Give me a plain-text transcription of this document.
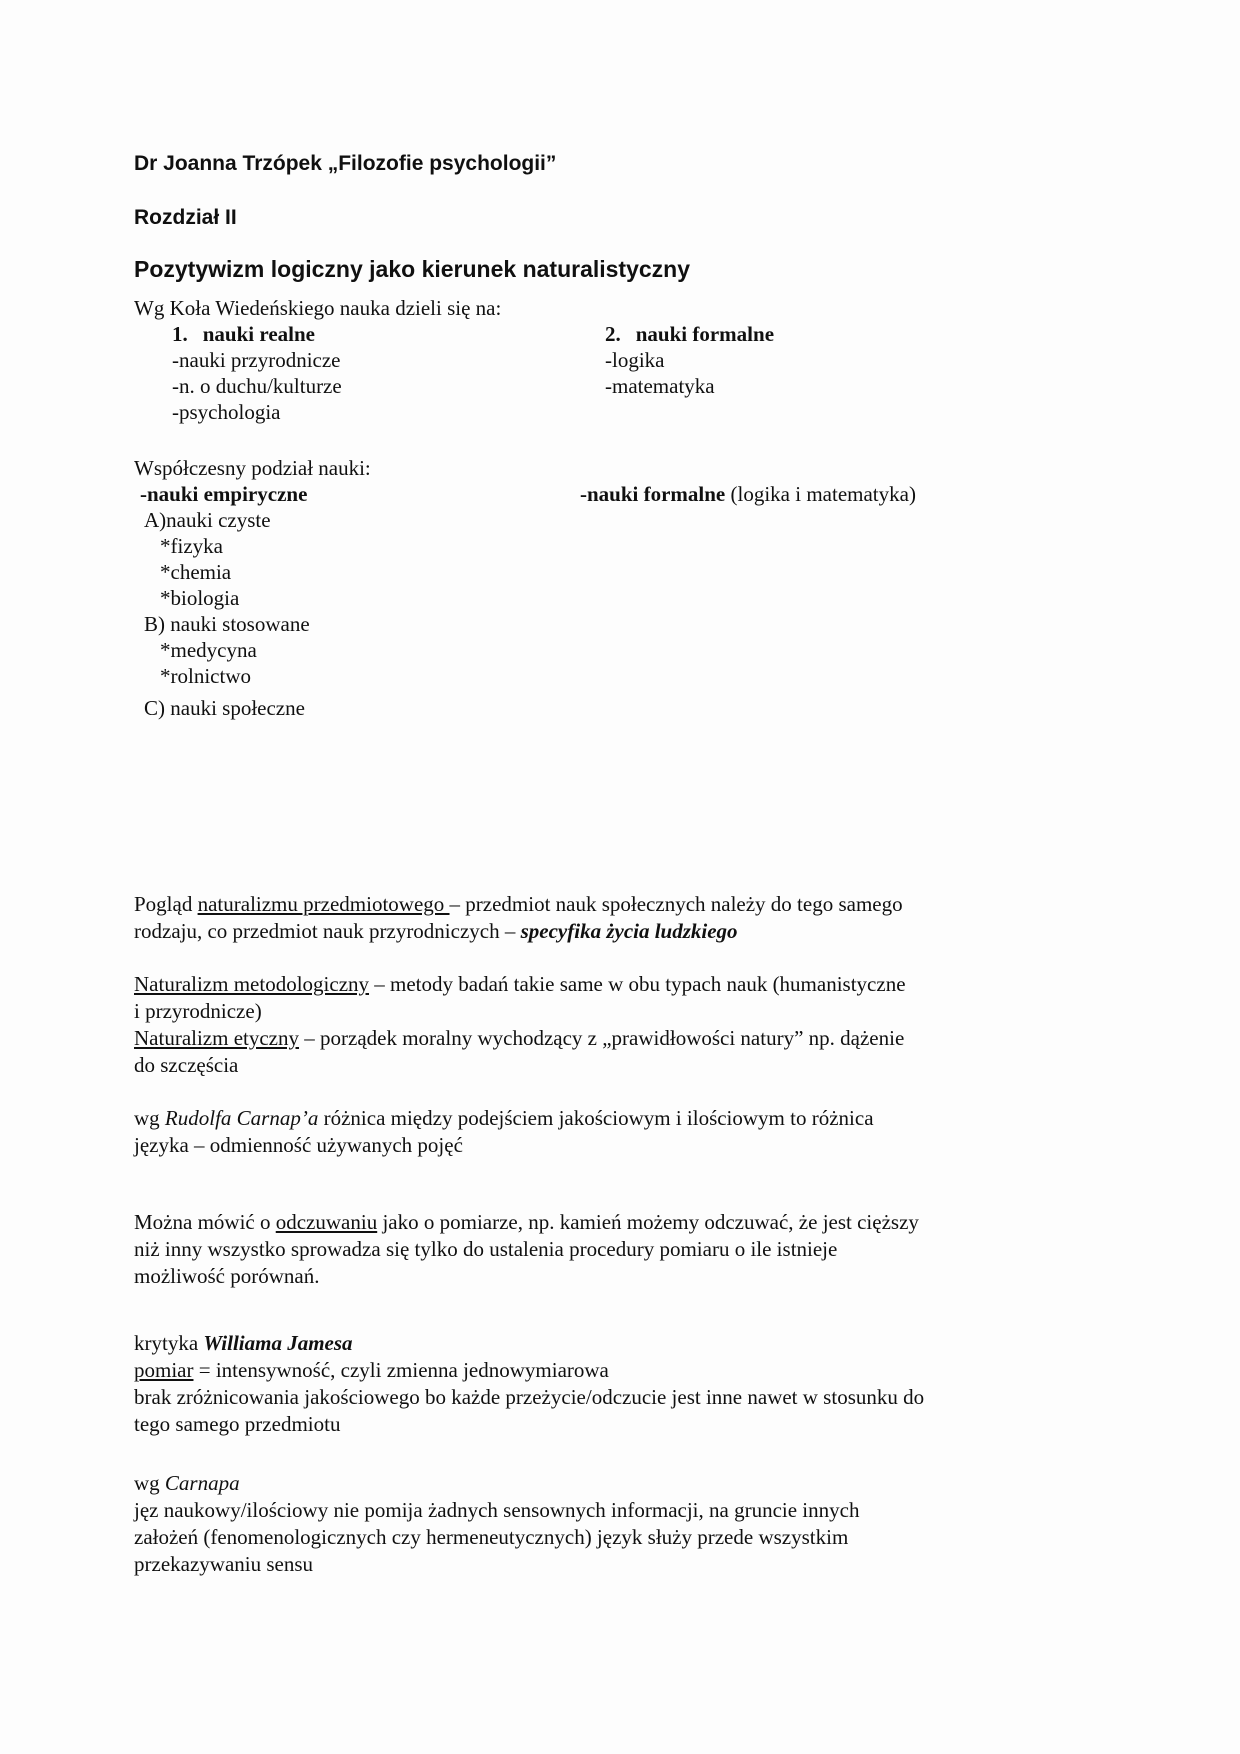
Dr Joanna Trzópek „Filozofie psychologii”
Rozdział II
Pozytywizm logiczny jako kierunek naturalistyczny

Wg Koła Wiedeńskiego nauka dzieli się na:

1. nauki realne	2. nauki formalne
-nauki przyrodnicze	-logika
-n. o duchu/kulturze	-matematyka
-psychologia

Współczesny podział nauki:

-nauki empiryczne	-nauki formalne (logika i matematyka)
A)nauki czyste
*fizyka
*chemia
*biologia
B) nauki stosowane
*medycyna
*rolnictwo
C) nauki społeczne

Pogląd naturalizmu przedmiotowego – przedmiot nauk społecznych należy do tego samego
rodzaju, co przedmiot nauk przyrodniczych – specyfika życia ludzkiego

Naturalizm metodologiczny – metody badań takie same w obu typach nauk (humanistyczne
i przyrodnicze)

Naturalizm etyczny – porządek moralny wychodzący z „prawidłowości natury” np. dążenie
do szczęścia

wg Rudolfa Carnap’a różnica między podejściem jakościowym i ilościowym to różnica
języka – odmienność używanych pojęć

Można mówić o odczuwaniu jako o pomiarze, np. kamień możemy odczuwać, że jest cięższy
niż inny wszystko sprowadza się tylko do ustalenia procedury pomiaru o ile istnieje
możliwość porównań.

krytyka Williama Jamesa

pomiar = intensywność, czyli zmienna jednowymiarowa

brak zróżnicowania jakościowego bo każde przeżycie/odczucie jest inne nawet w stosunku do
tego samego przedmiotu

wg Carnapa

jęz naukowy/ilościowy nie pomija żadnych sensownych informacji, na gruncie innych
założeń (fenomenologicznych czy hermeneutycznych) język służy przede wszystkim
przekazywaniu sensu
